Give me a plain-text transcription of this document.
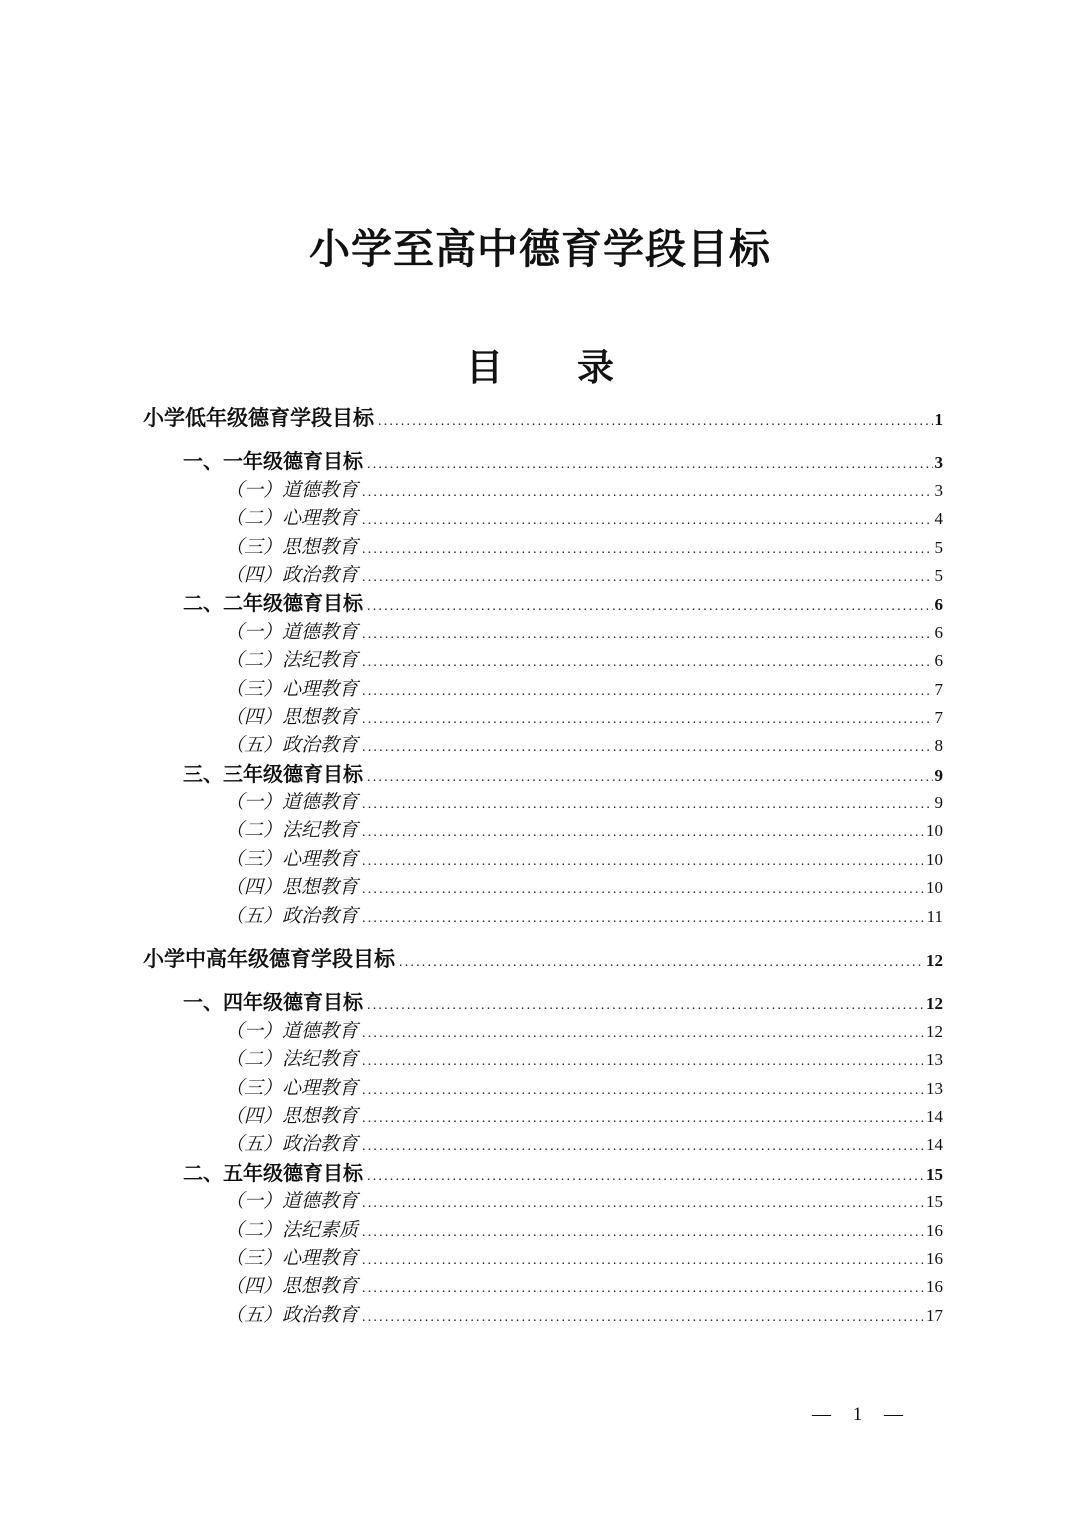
小学至高中德育学段目标
目　　录
小学低年级德育学段目标 .....	1
一、一年级德育目标 .....	3
（一）道德教育 .....	3
（二）心理教育 .....	4
（三）思想教育 .....	5
（四）政治教育 .....	5
二、二年级德育目标 .....	6
（一）道德教育 .....	6
（二）法纪教育 .....	6
（三）心理教育 .....	7
（四）思想教育 .....	7
（五）政治教育 .....	8
三、三年级德育目标 .....	9
（一）道德教育 .....	9
（二）法纪教育 .....	10
（三）心理教育 .....	10
（四）思想教育 .....	10
（五）政治教育 .....	11
小学中高年级德育学段目标 .....	12
一、四年级德育目标 .....	12
（一）道德教育 .....	12
（二）法纪教育 .....	13
（三）心理教育 .....	13
（四）思想教育 .....	14
（五）政治教育 .....	14
二、五年级德育目标 .....	15
（一）道德教育 .....	15
（二）法纪素质 .....	16
（三）心理教育 .....	16
（四）思想教育 .....	16
（五）政治教育 .....	17
— 1 —
